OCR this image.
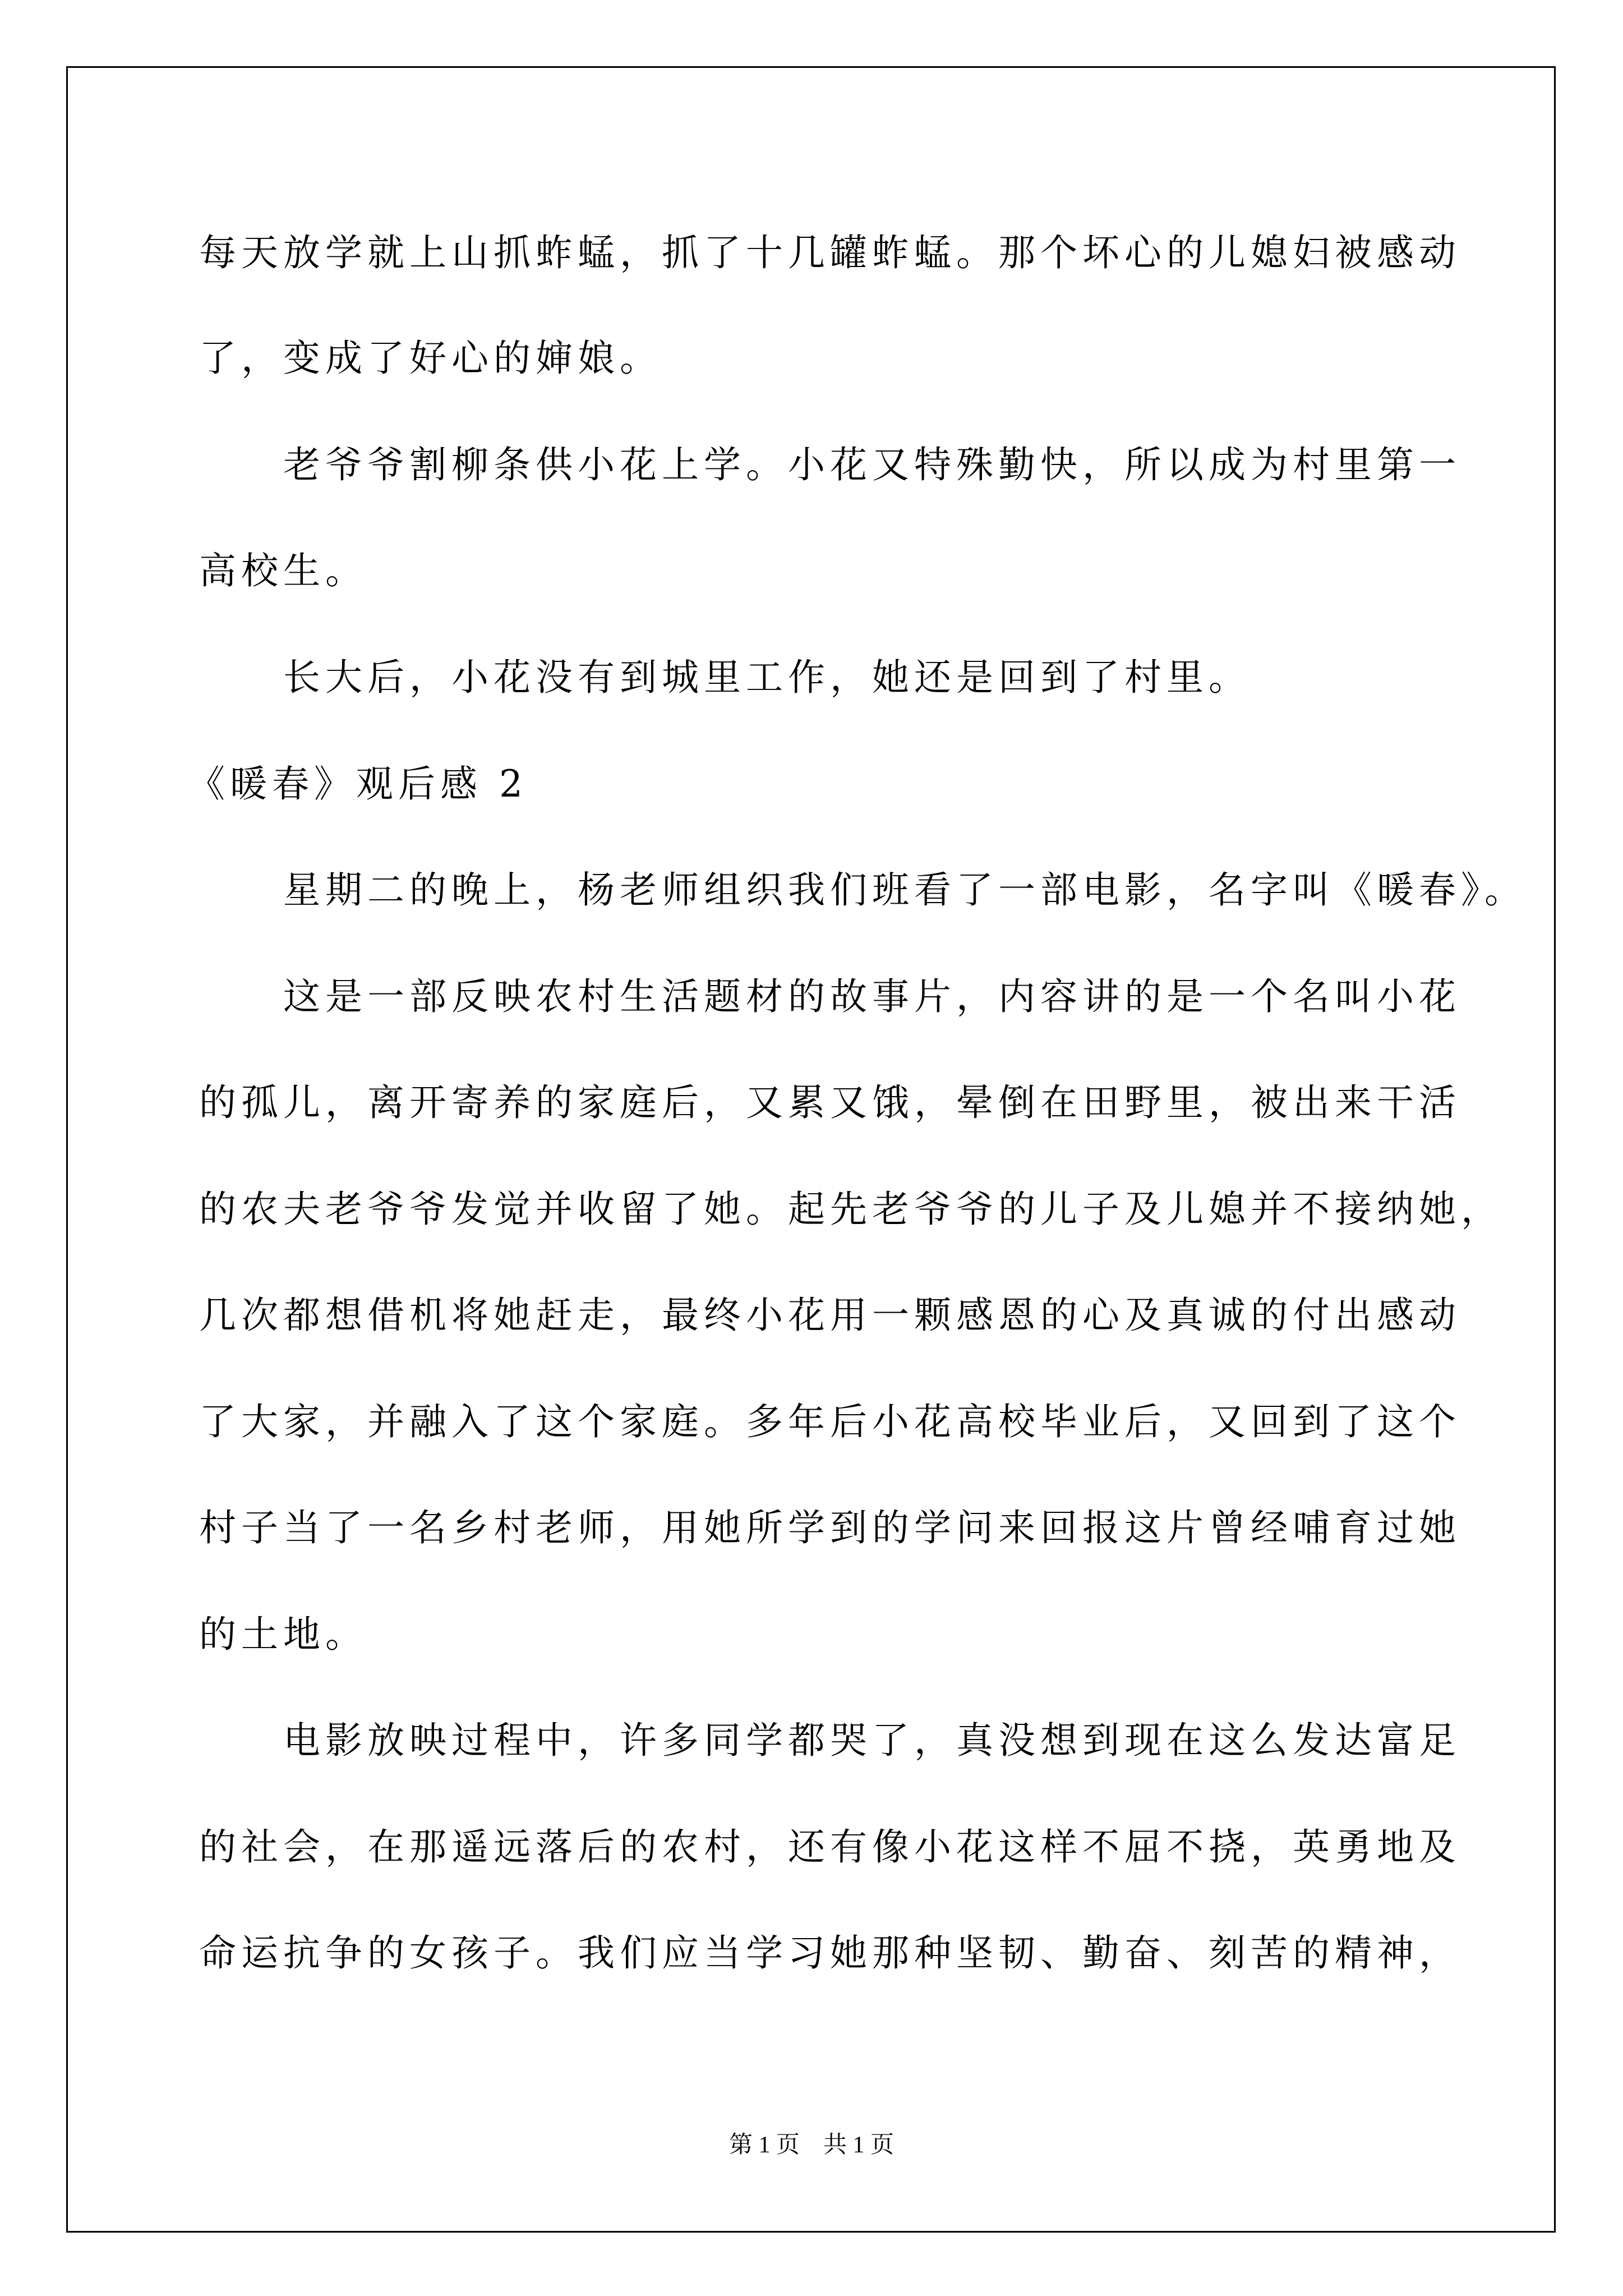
每天放学就上山抓蚱蜢，抓了十几罐蚱蜢。那个坏心的儿媳妇被感动
了，变成了好心的婶娘。
老爷爷割柳条供小花上学。小花又特殊勤快，所以成为村里第一
高校生。
长大后，小花没有到城里工作，她还是回到了村里。
《暖春》观后感 2
星期二的晚上，杨老师组织我们班看了一部电影，名字叫《暖春》。
这是一部反映农村生活题材的故事片，内容讲的是一个名叫小花
的孤儿，离开寄养的家庭后，又累又饿，晕倒在田野里，被出来干活
的农夫老爷爷发觉并收留了她。起先老爷爷的儿子及儿媳并不接纳她，
几次都想借机将她赶走，最终小花用一颗感恩的心及真诚的付出感动
了大家，并融入了这个家庭。多年后小花高校毕业后，又回到了这个
村子当了一名乡村老师，用她所学到的学问来回报这片曾经哺育过她
的土地。
电影放映过程中，许多同学都哭了，真没想到现在这么发达富足
的社会，在那遥远落后的农村，还有像小花这样不屈不挠，英勇地及
命运抗争的女孩子。我们应当学习她那种坚韧、勤奋、刻苦的精神，
第 1 页　共 1 页
